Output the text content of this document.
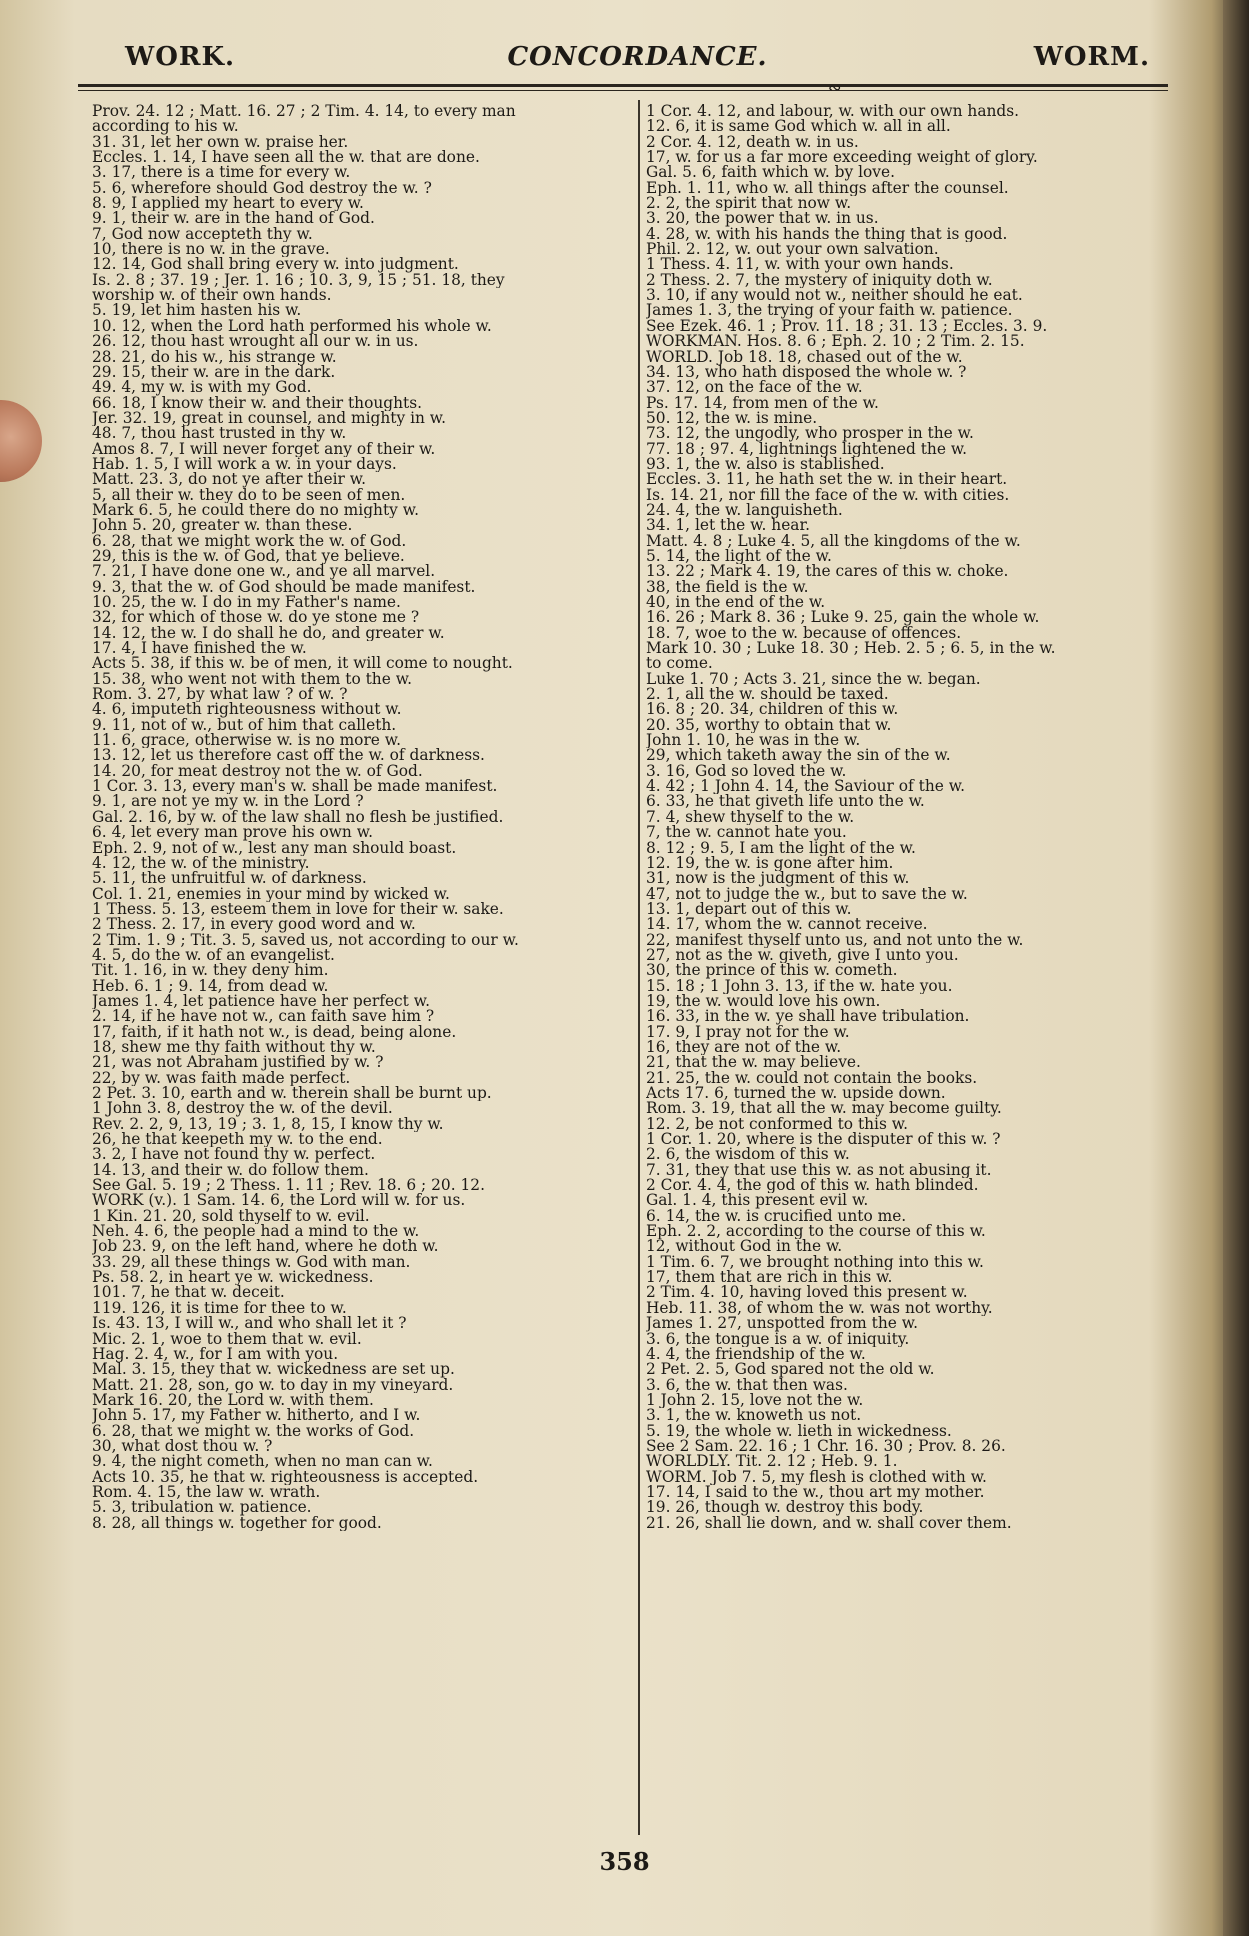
WORK.	CONCORDANCE.	WORM.
∾
Prov. 24. 12 ; Matt. 16. 27 ; 2 Tim. 4. 14, to every man
according to his w.
31. 31, let her own w. praise her.
Eccles. 1. 14, I have seen all the w. that are done.
3. 17, there is a time for every w.
5. 6, wherefore should God destroy the w. ?
8. 9, I applied my heart to every w.
9. 1, their w. are in the hand of God.
7, God now accepteth thy w.
10, there is no w. in the grave.
12. 14, God shall bring every w. into judgment.
Is. 2. 8 ; 37. 19 ; Jer. 1. 16 ; 10. 3, 9, 15 ; 51. 18, they
worship w. of their own hands.
5. 19, let him hasten his w.
10. 12, when the Lord hath performed his whole w.
26. 12, thou hast wrought all our w. in us.
28. 21, do his w., his strange w.
29. 15, their w. are in the dark.
49. 4, my w. is with my God.
66. 18, I know their w. and their thoughts.
Jer. 32. 19, great in counsel, and mighty in w.
48. 7, thou hast trusted in thy w.
Amos 8. 7, I will never forget any of their w.
Hab. 1. 5, I will work a w. in your days.
Matt. 23. 3, do not ye after their w.
5, all their w. they do to be seen of men.
Mark 6. 5, he could there do no mighty w.
John 5. 20, greater w. than these.
6. 28, that we might work the w. of God.
29, this is the w. of God, that ye believe.
7. 21, I have done one w., and ye all marvel.
9. 3, that the w. of God should be made manifest.
10. 25, the w. I do in my Father's name.
32, for which of those w. do ye stone me ?
14. 12, the w. I do shall he do, and greater w.
17. 4, I have finished the w.
Acts 5. 38, if this w. be of men, it will come to nought.
15. 38, who went not with them to the w.
Rom. 3. 27, by what law ? of w. ?
4. 6, imputeth righteousness without w.
9. 11, not of w., but of him that calleth.
11. 6, grace, otherwise w. is no more w.
13. 12, let us therefore cast off the w. of darkness.
14. 20, for meat destroy not the w. of God.
1 Cor. 3. 13, every man's w. shall be made manifest.
9. 1, are not ye my w. in the Lord ?
Gal. 2. 16, by w. of the law shall no flesh be justified.
6. 4, let every man prove his own w.
Eph. 2. 9, not of w., lest any man should boast.
4. 12, the w. of the ministry.
5. 11, the unfruitful w. of darkness.
Col. 1. 21, enemies in your mind by wicked w.
1 Thess. 5. 13, esteem them in love for their w. sake.
2 Thess. 2. 17, in every good word and w.
2 Tim. 1. 9 ; Tit. 3. 5, saved us, not according to our w.
4. 5, do the w. of an evangelist.
Tit. 1. 16, in w. they deny him.
Heb. 6. 1 ; 9. 14, from dead w.
James 1. 4, let patience have her perfect w.
2. 14, if he have not w., can faith save him ?
17, faith, if it hath not w., is dead, being alone.
18, shew me thy faith without thy w.
21, was not Abraham justified by w. ?
22, by w. was faith made perfect.
2 Pet. 3. 10, earth and w. therein shall be burnt up.
1 John 3. 8, destroy the w. of the devil.
Rev. 2. 2, 9, 13, 19 ; 3. 1, 8, 15, I know thy w.
26, he that keepeth my w. to the end.
3. 2, I have not found thy w. perfect.
14. 13, and their w. do follow them.
See Gal. 5. 19 ; 2 Thess. 1. 11 ; Rev. 18. 6 ; 20. 12.
WORK (v.). 1 Sam. 14. 6, the Lord will w. for us.
1 Kin. 21. 20, sold thyself to w. evil.
Neh. 4. 6, the people had a mind to the w.
Job 23. 9, on the left hand, where he doth w.
33. 29, all these things w. God with man.
Ps. 58. 2, in heart ye w. wickedness.
101. 7, he that w. deceit.
119. 126, it is time for thee to w.
Is. 43. 13, I will w., and who shall let it ?
Mic. 2. 1, woe to them that w. evil.
Hag. 2. 4, w., for I am with you.
Mal. 3. 15, they that w. wickedness are set up.
Matt. 21. 28, son, go w. to day in my vineyard.
Mark 16. 20, the Lord w. with them.
John 5. 17, my Father w. hitherto, and I w.
6. 28, that we might w. the works of God.
30, what dost thou w. ?
9. 4, the night cometh, when no man can w.
Acts 10. 35, he that w. righteousness is accepted.
Rom. 4. 15, the law w. wrath.
5. 3, tribulation w. patience.
8. 28, all things w. together for good.
1 Cor. 4. 12, and labour, w. with our own hands.
12. 6, it is same God which w. all in all.
2 Cor. 4. 12, death w. in us.
17, w. for us a far more exceeding weight of glory.
Gal. 5. 6, faith which w. by love.
Eph. 1. 11, who w. all things after the counsel.
2. 2, the spirit that now w.
3. 20, the power that w. in us.
4. 28, w. with his hands the thing that is good.
Phil. 2. 12, w. out your own salvation.
1 Thess. 4. 11, w. with your own hands.
2 Thess. 2. 7, the mystery of iniquity doth w.
3. 10, if any would not w., neither should he eat.
James 1. 3, the trying of your faith w. patience.
See Ezek. 46. 1 ; Prov. 11. 18 ; 31. 13 ; Eccles. 3. 9.
WORKMAN. Hos. 8. 6 ; Eph. 2. 10 ; 2 Tim. 2. 15.
WORLD. Job 18. 18, chased out of the w.
34. 13, who hath disposed the whole w. ?
37. 12, on the face of the w.
Ps. 17. 14, from men of the w.
50. 12, the w. is mine.
73. 12, the ungodly, who prosper in the w.
77. 18 ; 97. 4, lightnings lightened the w.
93. 1, the w. also is stablished.
Eccles. 3. 11, he hath set the w. in their heart.
Is. 14. 21, nor fill the face of the w. with cities.
24. 4, the w. languisheth.
34. 1, let the w. hear.
Matt. 4. 8 ; Luke 4. 5, all the kingdoms of the w.
5. 14, the light of the w.
13. 22 ; Mark 4. 19, the cares of this w. choke.
38, the field is the w.
40, in the end of the w.
16. 26 ; Mark 8. 36 ; Luke 9. 25, gain the whole w.
18. 7, woe to the w. because of offences.
Mark 10. 30 ; Luke 18. 30 ; Heb. 2. 5 ; 6. 5, in the w.
to come.
Luke 1. 70 ; Acts 3. 21, since the w. began.
2. 1, all the w. should be taxed.
16. 8 ; 20. 34, children of this w.
20. 35, worthy to obtain that w.
John 1. 10, he was in the w.
29, which taketh away the sin of the w.
3. 16, God so loved the w.
4. 42 ; 1 John 4. 14, the Saviour of the w.
6. 33, he that giveth life unto the w.
7. 4, shew thyself to the w.
7, the w. cannot hate you.
8. 12 ; 9. 5, I am the light of the w.
12. 19, the w. is gone after him.
31, now is the judgment of this w.
47, not to judge the w., but to save the w.
13. 1, depart out of this w.
14. 17, whom the w. cannot receive.
22, manifest thyself unto us, and not unto the w.
27, not as the w. giveth, give I unto you.
30, the prince of this w. cometh.
15. 18 ; 1 John 3. 13, if the w. hate you.
19, the w. would love his own.
16. 33, in the w. ye shall have tribulation.
17. 9, I pray not for the w.
16, they are not of the w.
21, that the w. may believe.
21. 25, the w. could not contain the books.
Acts 17. 6, turned the w. upside down.
Rom. 3. 19, that all the w. may become guilty.
12. 2, be not conformed to this w.
1 Cor. 1. 20, where is the disputer of this w. ?
2. 6, the wisdom of this w.
7. 31, they that use this w. as not abusing it.
2 Cor. 4. 4, the god of this w. hath blinded.
Gal. 1. 4, this present evil w.
6. 14, the w. is crucified unto me.
Eph. 2. 2, according to the course of this w.
12, without God in the w.
1 Tim. 6. 7, we brought nothing into this w.
17, them that are rich in this w.
2 Tim. 4. 10, having loved this present w.
Heb. 11. 38, of whom the w. was not worthy.
James 1. 27, unspotted from the w.
3. 6, the tongue is a w. of iniquity.
4. 4, the friendship of the w.
2 Pet. 2. 5, God spared not the old w.
3. 6, the w. that then was.
1 John 2. 15, love not the w.
3. 1, the w. knoweth us not.
5. 19, the whole w. lieth in wickedness.
See 2 Sam. 22. 16 ; 1 Chr. 16. 30 ; Prov. 8. 26.
WORLDLY. Tit. 2. 12 ; Heb. 9. 1.
WORM. Job 7. 5, my flesh is clothed with w.
17. 14, I said to the w., thou art my mother.
19. 26, though w. destroy this body.
21. 26, shall lie down, and w. shall cover them.
358
